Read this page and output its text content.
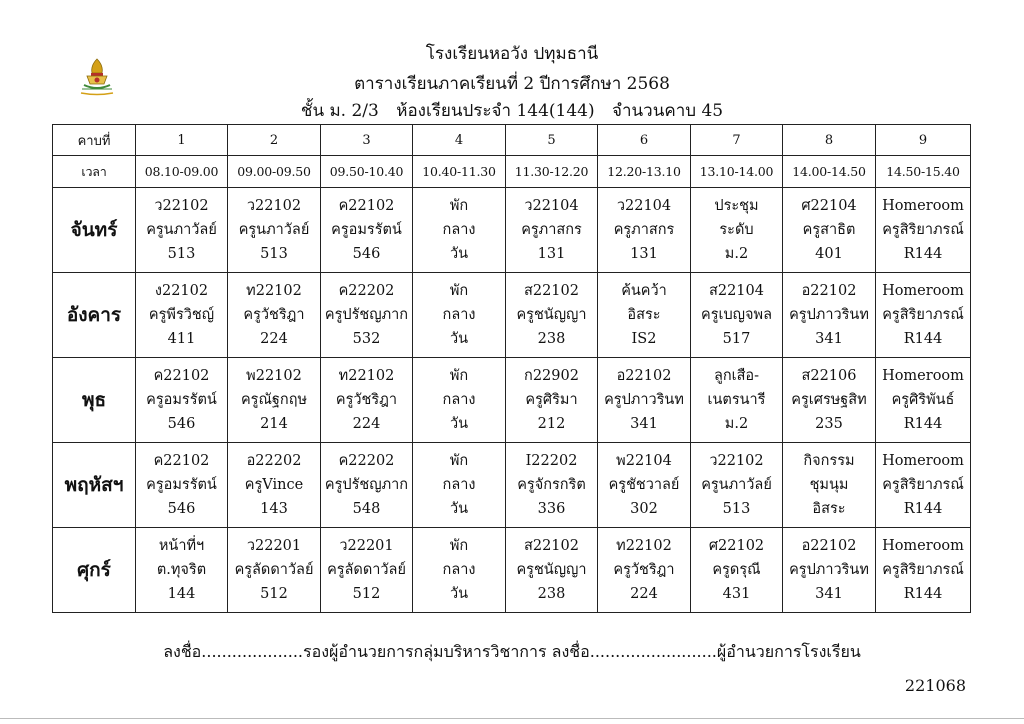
โรงเรียนหอวัง ปทุมธานี
ตารางเรียนภาคเรียนที่ 2 ปีการศึกษา 2568
ชั้น ม. 2/3 ห้องเรียนประจำ 144(144) จำนวนคาบ 45
คาบที่	1	2	3	4	5	6	7	8	9
เวลา	08.10-09.00	09.00-09.50	09.50-10.40	10.40-11.30	11.30-12.20	12.20-13.10	13.10-14.00	14.00-14.50	14.50-15.40
จันทร์	ว22102
ครูนภาวัลย์
513	ว22102
ครูนภาวัลย์
513	ค22102
ครูอมรรัตน์
546	พัก
กลาง
วัน	ว22104
ครูภาสกร
131	ว22104
ครูภาสกร
131	ประชุม
ระดับ
ม.2	ศ22104
ครูสาธิต
401	Homeroom
ครูสิริยาภรณ์
R144

อังคาร	ง22102
ครูพีรวิชญ์
411	ท22102
ครูวัชริฎา
224	ค22202
ครูปรัชญภาก
532	พัก
กลาง
วัน	ส22102
ครูชนัญญา
238	ค้นคว้า
อิสระ
IS2	ส22104
ครูเบญจพล
517	อ22102
ครูปภาวรินท
341	Homeroom
ครูสิริยาภรณ์
R144

พุธ	ค22102
ครูอมรรัตน์
546	พ22102
ครูณัฐกฤษ
214	ท22102
ครูวัชริฎา
224	พัก
กลาง
วัน	ก22902
ครูศิริมา
212	อ22102
ครูปภาวรินท
341	ลูกเสือ-
เนตรนารี
ม.2	ส22106
ครูเศรษฐสิท
235	Homeroom
ครูศิริพันธ์
R144

พฤหัสฯ	ค22102
ครูอมรรัตน์
546	อ22202
ครูVince
143	ค22202
ครูปรัชญภาก
548	พัก
กลาง
วัน	I22202
ครูจักรกริต
336	พ22104
ครูชัชวาลย์
302	ว22102
ครูนภาวัลย์
513	กิจกรรม
ชุมนุม
อิสระ	Homeroom
ครูสิริยาภรณ์
R144

ศุกร์	หน้าที่ฯ
ต.ทุจริต
144	ว22201
ครูลัดดาวัลย์
512	ว22201
ครูลัดดาวัลย์
512	พัก
กลาง
วัน	ส22102
ครูชนัญญา
238	ท22102
ครูวัชริฎา
224	ศ22102
ครูดรุณี
431	อ22102
ครูปภาวรินท
341	Homeroom
ครูสิริยาภรณ์
R144
ลงชื่อ....................รองผู้อำนวยการกลุ่มบริหารวิชาการ ลงชื่อ.........................ผู้อำนวยการโรงเรียน
221068
